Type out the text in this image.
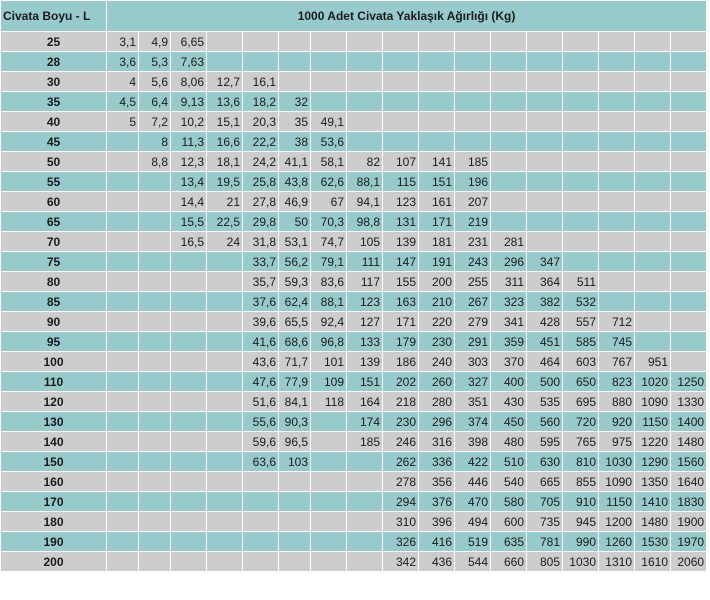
Civata Boyu - L	1000 Adet Civata Yaklaşık Ağırlığı (Kg)																
25	3,1	4,9	6,65														
28	3,6	5,3	7,63														
30	4	5,6	8,06	12,7	16,1												
35	4,5	6,4	9,13	13,6	18,2	32											
40	5	7,2	10,2	15,1	20,3	35	49,1										
45		8	11,3	16,6	22,2	38	53,6										
50		8,8	12,3	18,1	24,2	41,1	58,1	82	107	141	185						
55			13,4	19,5	25,8	43,8	62,6	88,1	115	151	196						
60			14,4	21	27,8	46,9	67	94,1	123	161	207						
65			15,5	22,5	29,8	50	70,3	98,8	131	171	219						
70			16,5	24	31,8	53,1	74,7	105	139	181	231	281					
75					33,7	56,2	79,1	111	147	191	243	296	347				
80					35,7	59,3	83,6	117	155	200	255	311	364	511			
85					37,6	62,4	88,1	123	163	210	267	323	382	532			
90					39,6	65,5	92,4	127	171	220	279	341	428	557	712		
95					41,6	68,6	96,8	133	179	230	291	359	451	585	745		
100					43,6	71,7	101	139	186	240	303	370	464	603	767	951	
110					47,6	77,9	109	151	202	260	327	400	500	650	823	1020	1250
120					51,6	84,1	118	164	218	280	351	430	535	695	880	1090	1330
130					55,6	90,3		174	230	296	374	450	560	720	920	1150	1400
140					59,6	96,5		185	246	316	398	480	595	765	975	1220	1480
150					63,6	103			262	336	422	510	630	810	1030	1290	1560
160									278	356	446	540	665	855	1090	1350	1640
170									294	376	470	580	705	910	1150	1410	1830
180									310	396	494	600	735	945	1200	1480	1900
190									326	416	519	635	781	990	1260	1530	1970
200									342	436	544	660	805	1030	1310	1610	2060
